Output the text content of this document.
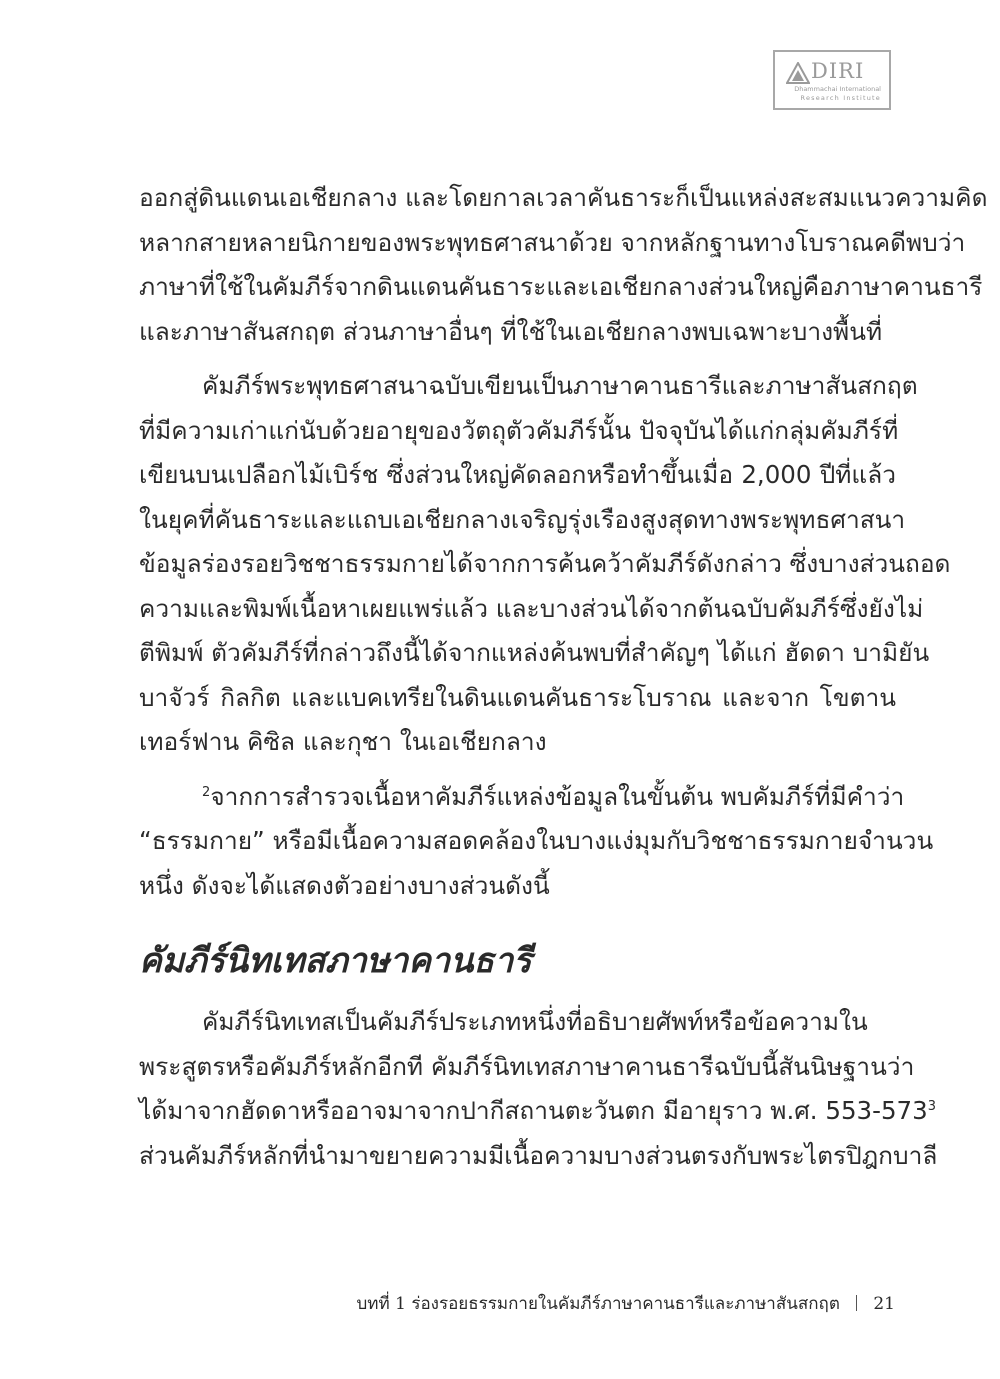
DIRI
Dhammachai International
Research Institute
ออกสู่ดินแดนเอเชียกลาง และโดยกาลเวลาคันธาระก็เป็นแหล่งสะสมแนวความคิด
หลากสายหลายนิกายของพระพุทธศาสนาด้วย จากหลักฐานทางโบราณคดีพบว่า
ภาษาที่ใช้ในคัมภีร์จากดินแดนคันธาระและเอเชียกลางส่วนใหญ่คือภาษาคานธารี
และภาษาสันสกฤต ส่วนภาษาอื่นๆ ที่ใช้ในเอเชียกลางพบเฉพาะบางพื้นที่
คัมภีร์พระพุทธศาสนาฉบับเขียนเป็นภาษาคานธารีและภาษาสันสกฤต
ที่มีความเก่าแก่นับด้วยอายุของวัตถุตัวคัมภีร์นั้น ปัจจุบันได้แก่กลุ่มคัมภีร์ที่
เขียนบนเปลือกไม้เบิร์ช ซึ่งส่วนใหญ่คัดลอกหรือทำขึ้นเมื่อ 2,000 ปีที่แล้ว
ในยุคที่คันธาระและแถบเอเชียกลางเจริญรุ่งเรืองสูงสุดทางพระพุทธศาสนา
ข้อมูลร่องรอยวิชชาธรรมกายได้จากการค้นคว้าคัมภีร์ดังกล่าว ซึ่งบางส่วนถอด
ความและพิมพ์เนื้อหาเผยแพร่แล้ว และบางส่วนได้จากต้นฉบับคัมภีร์ซึ่งยังไม่
ตีพิมพ์ ตัวคัมภีร์ที่กล่าวถึงนี้ได้จากแหล่งค้นพบที่สำคัญๆ ได้แก่ ฮัดดา บามิยัน
บาจัวร์ กิลกิต และแบคเทรียในดินแดนคันธาระโบราณ และจาก โขตาน
เทอร์ฟาน คิซิล และกุชา ในเอเชียกลาง
$^2$จากการสำรวจเนื้อหาคัมภีร์แหล่งข้อมูลในขั้นต้น พบคัมภีร์ที่มีคำว่า
“ธรรมกาย” หรือมีเนื้อความสอดคล้องในบางแง่มุมกับวิชชาธรรมกายจำนวน
หนึ่ง ดังจะได้แสดงตัวอย่างบางส่วนดังนี้
คัมภีร์นิทเทสภาษาคานธารี
คัมภีร์นิทเทสเป็นคัมภีร์ประเภทหนึ่งที่อธิบายศัพท์หรือข้อความใน
พระสูตรหรือคัมภีร์หลักอีกที คัมภีร์นิทเทสภาษาคานธารีฉบับนี้สันนิษฐานว่า
ได้มาจากฮัดดาหรืออาจมาจากปากีสถานตะวันตก มีอายุราว พ.ศ. 553-573$^3$
ส่วนคัมภีร์หลักที่นำมาขยายความมีเนื้อความบางส่วนตรงกับพระไตรปิฎกบาลี
บทที่ 1 ร่องรอยธรรมกายในคัมภีร์ภาษาคานธารีและภาษาสันสกฤต 21
